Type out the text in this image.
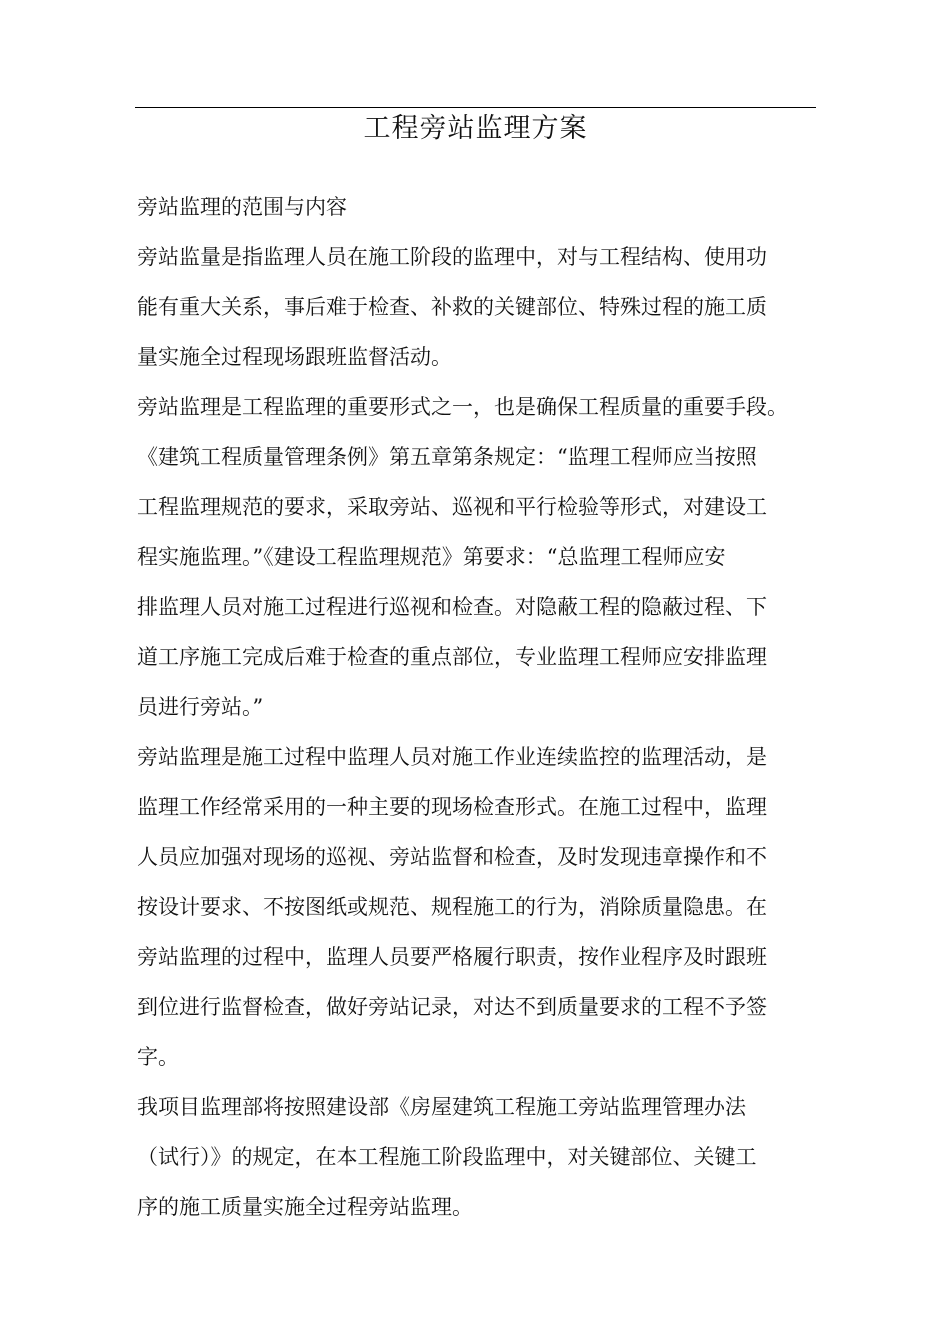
工程旁站监理方案

旁站监理的范围与内容

旁站监量是指监理人员在施工阶段的监理中，对与工程结构、使用功
能有重大关系，事后难于检查、补救的关键部位、特殊过程的施工质
量实施全过程现场跟班监督活动。

旁站监理是工程监理的重要形式之一，也是确保工程质量的重要手段。
《建筑工程质量管理条例》第五章第条规定：“监理工程师应当按照
工程监理规范的要求，采取旁站、巡视和平行检验等形式，对建设工
程实施监理。”《建设工程监理规范》第要求：“总监理工程师应安
排监理人员对施工过程进行巡视和检查。对隐蔽工程的隐蔽过程、下
道工序施工完成后难于检查的重点部位，专业监理工程师应安排监理
员进行旁站。”

旁站监理是施工过程中监理人员对施工作业连续监控的监理活动，是
监理工作经常采用的一种主要的现场检查形式。在施工过程中，监理
人员应加强对现场的巡视、旁站监督和检查，及时发现违章操作和不
按设计要求、不按图纸或规范、规程施工的行为，消除质量隐患。在
旁站监理的过程中，监理人员要严格履行职责，按作业程序及时跟班
到位进行监督检查，做好旁站记录，对达不到质量要求的工程不予签
字。

我项目监理部将按照建设部《房屋建筑工程施工旁站监理管理办法
（试行）》的规定，在本工程施工阶段监理中，对关键部位、关键工
序的施工质量实施全过程旁站监理。
